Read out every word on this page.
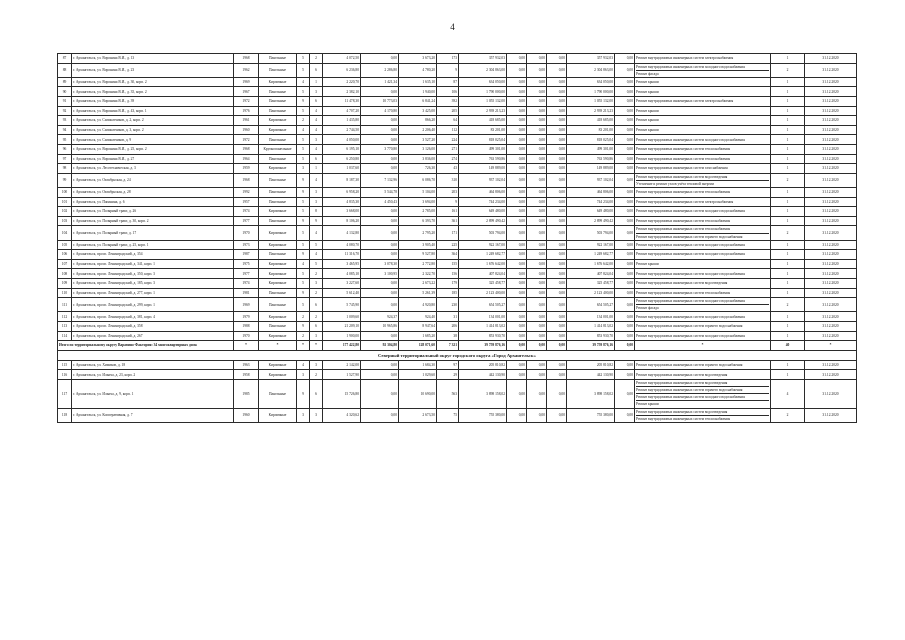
4
87	г. Архангельск, ул. Воронина В.И., д. 13	1968	Панельные	5	2	4 072,50	0,00	3 673,20	173	357 932,03	0,00	0,00	0,00	357 932,03	0,00	Ремонт внутридомовых инженерных систем электроснабжения	1	31.12.2020
88	г. Архангельск, ул. Воронина В.И., д. 23	1962	Панельные	5	6	6 236,80	2 286,80	4 780,20	9	2 304 863,00	0,00	0,00	0,00	2 304 863,00	0,00	Ремонт внутридомовых инженерных систем холодного водоснабжения
Ремонт фасада	2	31.12.2020
89	г. Архангельск, ул. Воронина В.И., д. 30, корп. 2	1969	Кирпичные	4	1	2 220,70	1 421,34	1 635,10	87	634 050,00	0,00	0,00	0,00	634 050,00	0,00	Ремонт крыши	1	31.12.2020
90	г. Архангельск, ул. Воронина В.И., д. 35, корп. 2	1967	Панельные	5	3	2 382,10	0,00	1 940,00	106	1 790 000,00	0,00	0,00	0,00	1 790 000,00	0,00	Ремонт крыши	1	31.12.2020
91	г. Архангельск, ул. Воронина В.И., д. 39	1972	Панельные	9	6	11 478,30	10 773,03	6 841,24	392	1 055 132,00	0,00	0,00	0,00	1 055 132,00	0,00	Ремонт внутридомовых инженерных систем электроснабжения	1	31.12.2020
92	г. Архангельск, ул. Воронина В.И., д. 43, корп. 1	1976	Панельные	5	4	4 707,20	4 170,80	3 425,00	205	2 939 213,23	0,00	0,00	0,00	2 939 213,23	0,00	Ремонт крыши	1	31.12.2020
93	г. Архангельск, ул. Силикатчиков, д. 2, корп. 2	1961	Кирпичные	2	4	1 435,80	0,00	866,20	64	418 685,00	0,00	0,00	0,00	418 685,00	0,00	Ремонт крыши	1	31.12.2020
94	г. Архангельск, ул. Силикатчиков, д. 3, корп. 2	1960	Кирпичные	4	4	2 744,50	0,00	2 206,40	112	83 201,00	0,00	0,00	0,00	83 201,00	0,00	Ремонт крыши	1	31.12.2020
95	г. Архангельск, ул. Силикатчиков, д. 9	1972	Панельные	5	3	4 050,00	0,00	3 527,20	224	818 025,04	0,00	0,00	0,00	818 025,04	0,00	Ремонт внутридомовых инженерных систем холодного водоснабжения	1	31.12.2020
96	г. Архангельск, ул. Воронина В.И., д. 25, корп. 2	1968	Крупнопанельные	5	4	6 195,10	3 770,80	3 126,00	271	499 301,00	0,00	0,00	0,00	499 301,00	0,00	Ремонт внутридомовых инженерных систем теплоснабжения	1	31.12.2020
97	г. Архангельск, ул. Воронина В.И., д. 27	1964	Панельные	5	6	6 250,80	0,00	3 836,00	274	763 590,86	0,00	0,00	0,00	763 590,86	0,00	Ремонт внутридомовых инженерных систем теплоснабжения	1	31.12.2020
98	г. Архангельск, ул. Лесотехническая, д. 3	1959	Кирпичные	3	1	1 037,60	0,00	726,30	43	149 889,00	0,00	0,00	0,00	149 889,00	0,00	Ремонт внутридомовых инженерных систем газоснабжения	1	31.12.2020
99	г. Архангельск, ул. Октябрьская, д. 24	1968	Панельные	9	4	8 187,30	7 132,96	6 086,70	310	937 102,04	0,00	0,00	0,00	937 102,04	0,00	Ремонт внутридомовых инженерных систем водоотведения
Утепление и ремонт узлов учёта тепловой энергии	2	31.12.2020
100	г. Архангельск, ул. Октябрьская, д. 28	1992	Панельные	9	3	6 958,20	5 544,78	5 104,00	203	464 806,00	0,00	0,00	0,00	464 806,00	0,00	Ремонт внутридомовых инженерных систем теплоснабжения	1	31.12.2020
101	г. Архангельск, ул. Папанина, д. 6	1957	Панельные	5	3	4 835,30	4 450,43	3 694,00	9	744 234,00	0,00	0,00	0,00	744 234,00	0,00	Ремонт внутридомовых инженерных систем электроснабжения	1	31.12.2020
102	г. Архангельск, ул. Полярный тракт, д. 26	1974	Кирпичные	5	8	3 668,00	0,00	2 785,00	161	649 480,00	0,00	0,00	0,00	649 480,00	0,00	Ремонт внутридомовых инженерных систем холодного водоснабжения	1	31.12.2020
103	г. Архангельск, ул. Полярный тракт, д. 30, корп. 2	1977	Панельные	9	9	8 106,20	0,00	6 393,70	361	2 899 490,42	0,00	0,00	0,00	2 899 490,42	0,00	Ремонт внутридомовых инженерных систем теплоснабжения	1	31.12.2020
104	г. Архангельск, ул. Полярный тракт, д. 17	1970	Кирпичные	5	4	4 132,80	0,00	2 795,20	171	503 794,00	0,00	0,00	0,00	503 794,00	0,00	Ремонт внутридомовых инженерных систем теплоснабжения
Ремонт внутридомовых инженерных систем горячего водоснабжения	2	31.12.2020
105	г. Архангельск, ул. Полярный тракт, д. 25, корп. 1	1973	Кирпичные	5	5	4 080,70	0,00	3 905,40	225	922 167,00	0,00	0,00	0,00	922 167,00	0,00	Ремонт внутридомовых инженерных систем холодного водоснабжения	1	31.12.2020
106	г. Архангельск, просп. Ленинградский, д. 354	1987	Панельные	9	4	11 316,70	0,00	9 527,80	364	1 249 682,77	0,00	0,00	0,00	1 249 682,77	0,00	Ремонт внутридомовых инженерных систем холодного водоснабжения	1	31.12.2020
107	г. Архангельск, просп. Ленинградский, д. 341, корп. 1	1975	Кирпичные	4	5	3 465,95	3 078,30	2 772,80	155	1 676 642,00	0,00	0,00	0,00	1 676 642,00	0,00	Ремонт крыши	1	31.12.2020
108	г. Архангельск, просп. Ленинградский, д. 350, корп. 3	1977	Кирпичные	5	2	4 085,10	3 100,95	2 322,70	156	407 824,04	0,00	0,00	0,00	407 824,04	0,00	Ремонт внутридомовых инженерных систем холодного водоснабжения	1	31.12.2020
109	г. Архангельск, просп. Ленинградский, д. 185, корп. 3	1974	Кирпичные	5	3	3 227,60	0,00	2 673,22	179	325 458,77	0,00	0,00	0,00	325 458,77	0,00	Ремонт внутридомовых инженерных систем водоотведения	1	31.12.2020
110	г. Архангельск, просп. Ленинградский, д. 277, корп. 1	1981	Панельные	9	2	5 612,40	0,00	5 261,39	185	2 123 400,00	0,00	0,00	0,00	2 123 400,00	0,00	Ремонт внутридомовых инженерных систем теплоснабжения	1	31.12.2020
111	г. Архангельск, просп. Ленинградский, д. 299, корп. 1	1969	Панельные	5	6	5 745,90	0,00	4 920,80	230	654 505,27	0,00	0,00	0,00	654 505,27	0,00	Ремонт внутридомовых инженерных систем холодного водоснабжения
Ремонт фасада	2	31.12.2020
112	г. Архангельск, просп. Ленинградский, д. 381, корп. 4	1979	Кирпичные	2	2	1 009,60	924,37	924,40	31	134 001,00	0,00	0,00	0,00	134 001,00	0,00	Ремонт внутридомовых инженерных систем холодного водоснабжения	1	31.12.2020
113	г. Архангельск, просп. Ленинградский, д. 358	1988	Панельные	9	6	21 209,10	10 965,86	8 947,64	206	1 414 813,02	0,00	0,00	0,00	1 414 813,02	0,00	Ремонт внутридомовых инженерных систем горячего водоснабжения	1	31.12.2020
114	г. Архангельск, просп. Ленинградский, д. 267	1970	Кирпичные	2	3	1 900,00	0,00	1 685,20	38	853 930,70	0,00	0,00	0,00	853 930,70	0,00	Ремонт внутридомовых инженерных систем холодного водоснабжения	1	31.12.2020
Итого по территориальному округу Варавино-Фактория: 34 многоквартирных дома		*	*	*	*	177 422,80	92 304,80	128 071,60	7 321	39 759 876,16	0,00	0,00	0,00	39 759 876,16	0,00	*	40	*
Северный территориальный округ городского округа «Город Архангельск»																		
115	г. Архангельск, ул. Химиков, д. 18	1963	Кирпичные	4	3	2 142,00	0,00	1 684,30	97	205 810,82	0,00	0,00	0,00	205 810,82	0,00	Ремонт внутридомовых инженерных систем горячего водоснабжения	1	31.12.2020
116	г. Архангельск, ул. Ильича, д. 23, корп. 2	1958	Кирпичные	3	2	1 527,90	0,00	1 029,60	29	442 130,90	0,00	0,00	0,00	442 130,90	0,00	Ремонт внутридомовых инженерных систем водоотведения	1	31.12.2020
117	г. Архангельск, ул. Ильича, д. 9, корп. 1	1985	Панельные	9	6	15 726,80	0,00	10 690,00	563	3 898 158,02	0,00	0,00	0,00	3 898 158,02	0,00	Ремонт внутридомовых инженерных систем водоотведения
Ремонт внутридомовых инженерных систем горячего водоснабжения
Ремонт внутридомовых инженерных систем холодного водоснабжения
Ремонт крыши	4	31.12.2020
118	г. Архангельск, ул. Кооперативная, д. 7	1960	Кирпичные	3	3	4 320,62	0,00	2 673,50	75	755 380,00	0,00	0,00	0,00	755 380,00	0,00	Ремонт внутридомовых инженерных систем водоотведения
Ремонт внутридомовых инженерных систем теплоснабжения	2	31.12.2020
